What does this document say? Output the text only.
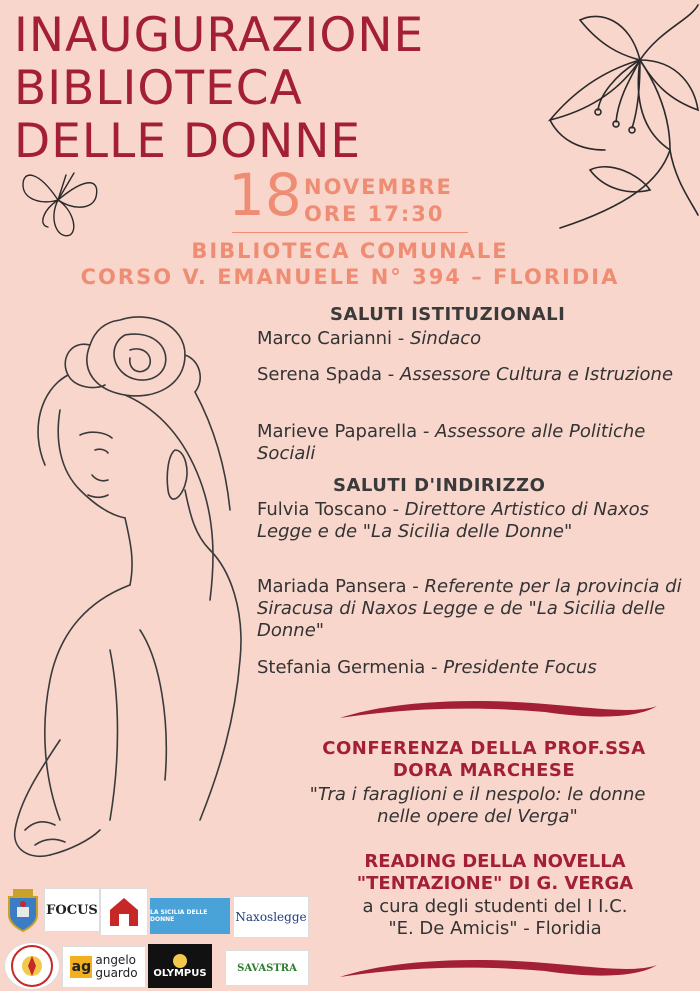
INAUGURAZIONE
BIBLIOTECA
DELLE DONNE
18 NOVEMBRE
ORE 17:30
BIBLIOTECA COMUNALE
CORSO V. EMANUELE N° 394 – FLORIDIA
SALUTI ISTITUZIONALI
Marco Carianni - Sindaco
Serena Spada - Assessore Cultura e Istruzione
Marieve Paparella - Assessore alle Politiche Sociali
SALUTI D'INDIRIZZO
Fulvia Toscano - Direttore Artistico di Naxos Legge e de "La Sicilia delle Donne"
Mariada Pansera - Referente per la provincia di Siracusa di Naxos Legge e de "La Sicilia delle Donne"
Stefania Germenia - Presidente Focus
CONFERENZA DELLA PROF.SSA
DORA MARCHESE
"Tra i faraglioni e il nespolo: le donne
nelle opere del Verga"
READING DELLA NOVELLA
"TENTAZIONE" DI G. VERGA
a cura degli studenti del I I.C.
"E. De Amicis" - Floridia
FOCUS	LA SICILIA DELLE DONNE	Naxoslegge
ag angelo
guardo OLYMPUS	SAVASTRA
